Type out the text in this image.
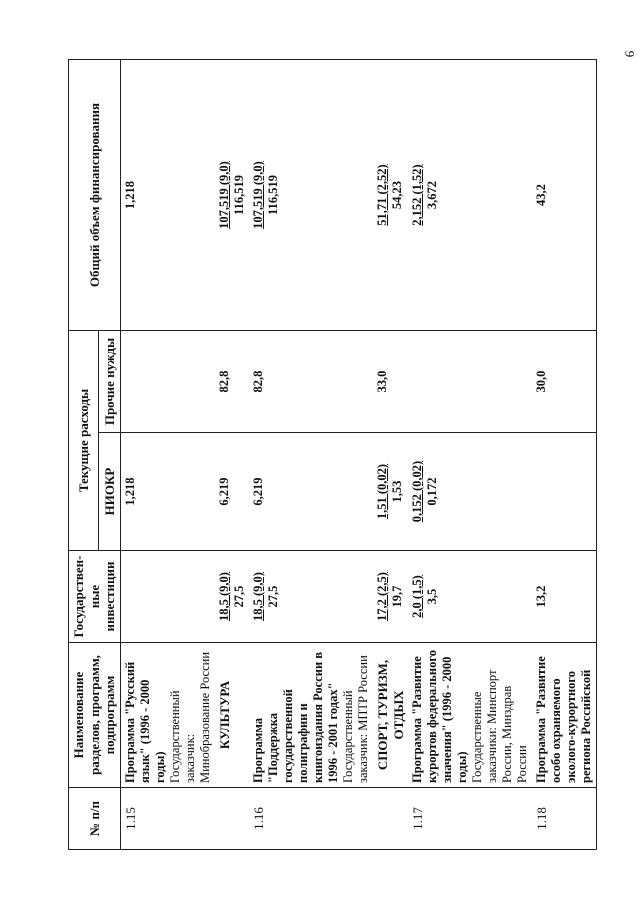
9
№ п/п	Наименование разделов, программ, подпрограмм	Государствен-ные инвестиции	Текущие расходы		Общий объем финансирования
			НИОКР	Прочие нужды	
1.15	Программа "Русский язык" (1996 - 2000 годы) Государственный заказчик: Минобразование России		1,218		1,218
	КУЛЬТУРА	18,5 (9,0) 27,5	6,219	82,8	107,519 (9,0) 116,519

1.16	Программа "Поддержка государственной полиграфии и книгоиздания России в 1996 - 2001 годах" Государственный заказчик: МПТР России	18,5 (9,0) 27,5	6,219	82,8	107,519 (9,0) 116,519

	СПОРТ, ТУРИЗМ, ОТДЫХ	17,2 (2,5) 19,7	1,51 (0,02) 1,53	33,0	51,71 (2,52) 54,23

1.17	Программа "Развитие курортов федерального значения" (1996 - 2000 годы) Государственные заказчики: Минспорт России, Минздрав России	2,0 (1,5) 3,5	0,152 (0,02) 0,172		2,152 (1,52) 3,672

1.18	Программа "Развитие особо охраняемого эколого-курортного региона Российской	13,2		30,0	43,2
